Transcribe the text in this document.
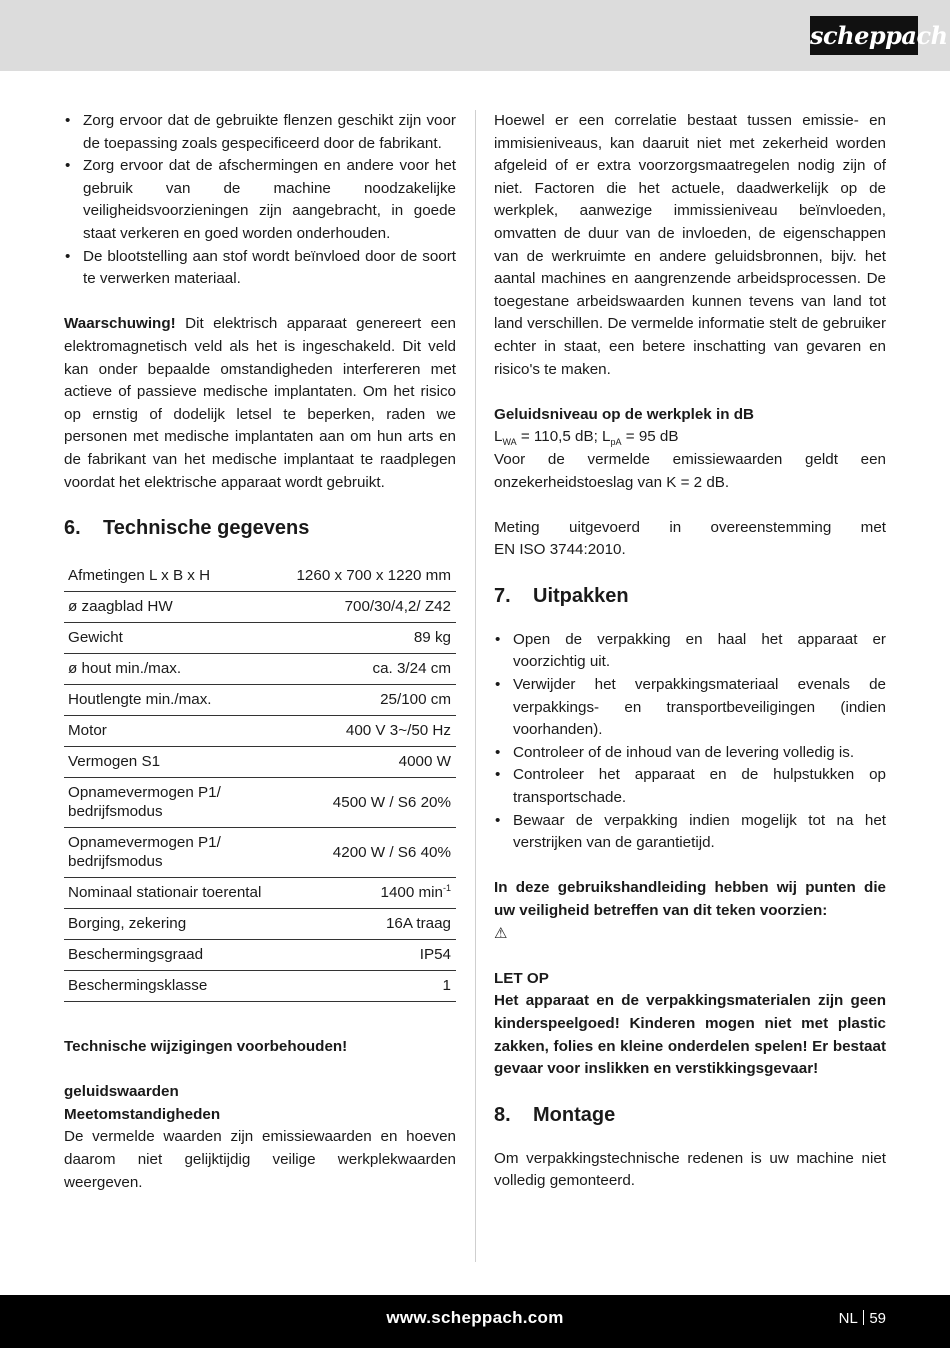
scheppach
• Zorg ervoor dat de gebruikte flenzen geschikt zijn voor de toepassing zoals gespecificeerd door de fabrikant.
• Zorg ervoor dat de afschermingen en andere voor het gebruik van de machine noodzakelijke veiligheidsvoorzieningen zijn aangebracht, in goede staat verkeren en goed worden onderhouden.
• De blootstelling aan stof wordt beïnvloed door de soort te verwerken materiaal.

Waarschuwing! Dit elektrisch apparaat genereert een elektromagnetisch veld als het is ingeschakeld. Dit veld kan onder bepaalde omstandigheden interfereren met actieve of passieve medische implantaten. Om het risico op ernstig of dodelijk letsel te beperken, raden we personen met medische implantaten aan om hun arts en de fabrikant van het medische implantaat te raadplegen voordat het elektrische apparaat wordt gebruikt.

6.	Technische gegevens
Afmetingen L x B x H	1260 x 700 x 1220 mm
ø zaagblad HW	700/30/4,2/ Z42
Gewicht	89 kg
ø hout min./max.	ca. 3/24 cm
Houtlengte min./max.	25/100 cm
Motor	400 V 3~/50 Hz
Vermogen S1	4000 W
Opnamevermogen P1/ bedrijfsmodus	4500 W / S6 20%
Opnamevermogen P1/ bedrijfsmodus	4200 W / S6 40%
Nominaal stationair toerental	1400 $\min^{-1}$
Borging, zekering	16A traag
Beschermingsgraad	IP54
Beschermingsklasse	1

Technische wijzigingen voorbehouden!

geluidswaarden

Meetomstandigheden

De vermelde waarden zijn emissiewaarden en hoeven daarom niet gelijktijdig veilige werkplekwaarden weergeven.

Hoewel er een correlatie bestaat tussen emissie- en immisieniveaus, kan daaruit niet met zekerheid worden afgeleid of er extra voorzorgsmaatregelen nodig zijn of niet. Factoren die het actuele, daadwerkelijk op de werkplek, aanwezige immissieniveau beïnvloeden, omvatten de duur van de invloeden, de eigenschappen van de werkruimte en andere geluidsbronnen, bijv. het aantal machines en aangrenzende arbeidsprocessen. De toegestane arbeidswaarden kunnen tevens van land tot land verschillen. De vermelde informatie stelt de gebruiker echter in staat, een betere inschatting van gevaren en risico's te maken.

Geluidsniveau op de werkplek in dB

$L_{WA} = 110,5$ dB; $L_{pA} = 95$ dB

Voor de vermelde emissiewaarden geldt een onzekerheidstoeslag van K = 2 dB.

Meting uitgevoerd in overeenstemming met

EN ISO 3744:2010.

7.	Uitpakken
• Open de verpakking en haal het apparaat er voorzichtig uit.
• Verwijder het verpakkingsmateriaal evenals de verpakkings- en transportbeveiligingen (indien voorhanden).
• Controleer of de inhoud van de levering volledig is.
• Controleer het apparaat en de hulpstukken op transportschade.
• Bewaar de verpakking indien mogelijk tot na het verstrijken van de garantietijd.

In deze gebruikshandleiding hebben wij punten die uw veiligheid betreffen van dit teken voorzien:

⚠

LET OP

Het apparaat en de verpakkingsmaterialen zijn geen kinderspeelgoed! Kinderen mogen niet met plastic zakken, folies en kleine onderdelen spelen! Er bestaat gevaar voor inslikken en verstikkingsgevaar!

8.	Montage

Om verpakkingstechnische redenen is uw machine niet volledig gemonteerd.

www.scheppach.com	NL 59
